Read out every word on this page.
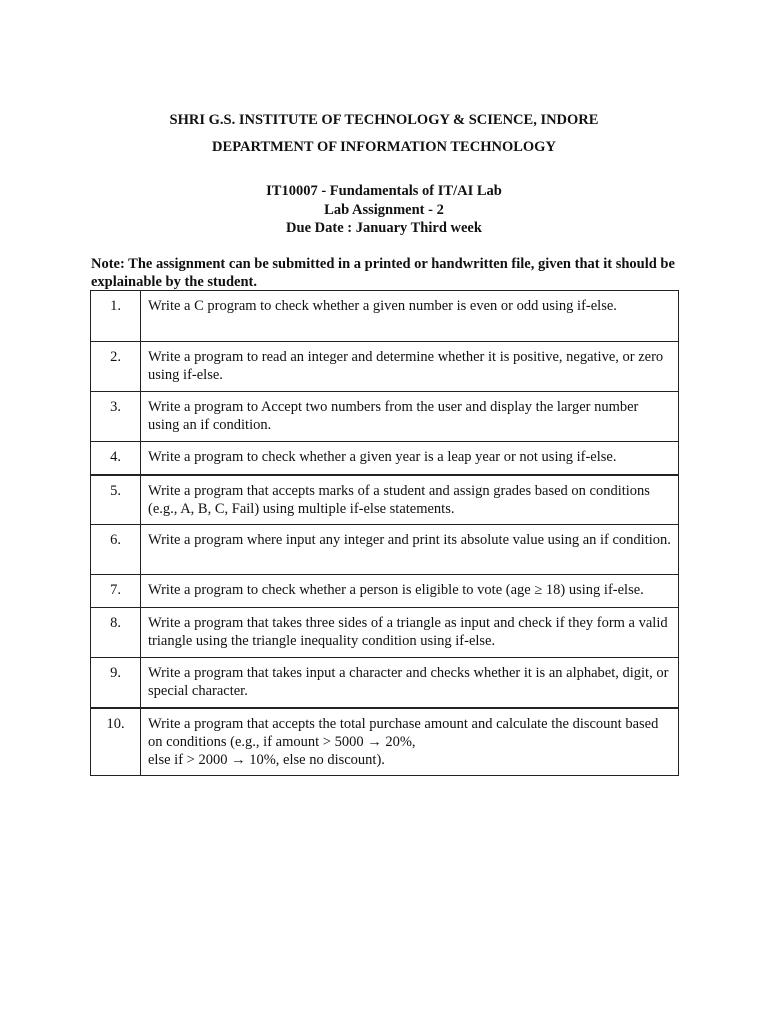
SHRI G.S. INSTITUTE OF TECHNOLOGY & SCIENCE, INDORE
DEPARTMENT OF INFORMATION TECHNOLOGY
IT10007 - Fundamentals of IT/AI Lab
Lab Assignment - 2
Due Date : January Third week
Note: The assignment can be submitted in a printed or handwritten file, given that it should be explainable by the student.
1.	Write a C program to check whether a given number is even or odd using if-else.
2.	Write a program to read an integer and determine whether it is positive, negative, or zero using if-else.
3.	Write a program to Accept two numbers from the user and display the larger number using an if condition.
4.	Write a program to check whether a given year is a leap year or not using if-else.
5.	Write a program that accepts marks of a student and assign grades based on conditions (e.g., A, B, C, Fail) using multiple if-else statements.
6.	Write a program where input any integer and print its absolute value using an if condition.
7.	Write a program to check whether a person is eligible to vote (age ≥ 18) using if-else.
8.	Write a program that takes three sides of a triangle as input and check if they form a valid triangle using the triangle inequality condition using if-else.
9.	Write a program that takes input a character and checks whether it is an alphabet, digit, or special character.
10.	Write a program that accepts the total purchase amount and calculate the discount based on conditions (e.g., if amount > 5000 → 20%,
else if > 2000 → 10%, else no discount).
